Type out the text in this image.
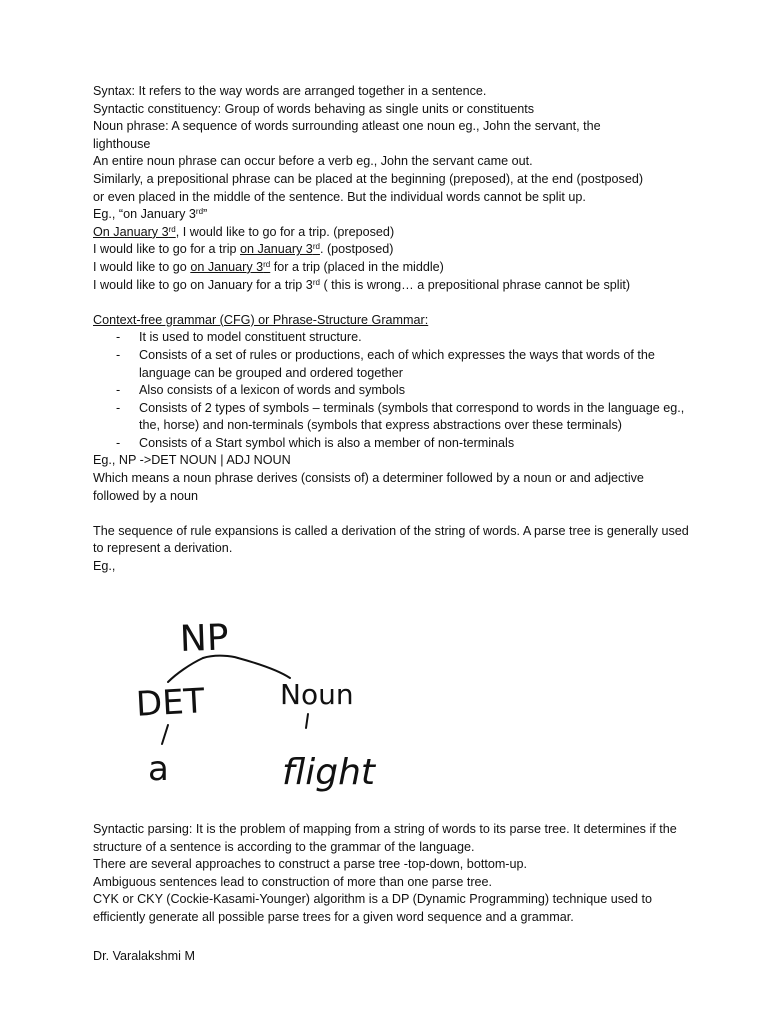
Syntax: It refers to the way words are arranged together in a sentence.
Syntactic constituency: Group of words behaving as single units or constituents
Noun phrase: A sequence of words surrounding atleast one noun eg., John the servant, the
lighthouse
An entire noun phrase can occur before a verb eg., John the servant came out.
Similarly, a prepositional phrase can be placed at the beginning (preposed), at the end (postposed)
or even placed in the middle of the sentence. But the individual words cannot be split up.
Eg., “on January 3rd”
On January 3rd, I would like to go for a trip. (preposed)
I would like to go for a trip on January 3rd. (postposed)
I would like to go on January 3rd for a trip (placed in the middle)
I would like to go on January for a trip 3rd ( this is wrong… a prepositional phrase cannot be split)
Context-free grammar (CFG) or Phrase-Structure Grammar:
- It is used to model constituent structure.
- Consists of a set of rules or productions, each of which expresses the ways that words of the language can be grouped and ordered together
- Also consists of a lexicon of words and symbols
- Consists of 2 types of symbols – terminals (symbols that correspond to words in the language eg., the, horse) and non-terminals (symbols that express abstractions over these terminals)
- Consists of a Start symbol which is also a member of non-terminals
Eg., NP ->DET NOUN | ADJ NOUN
Which means a noun phrase derives (consists of) a determiner followed by a noun or and adjective followed by a noun
The sequence of rule expansions is called a derivation of the string of words. A parse tree is generally used to represent a derivation.
Eg.,
NP
DET	Noun
a	flight
Syntactic parsing: It is the problem of mapping from a string of words to its parse tree. It determines if the structure of a sentence is according to the grammar of the language.
There are several approaches to construct a parse tree -top-down, bottom-up.
Ambiguous sentences lead to construction of more than one parse tree.
CYK or CKY (Cockie-Kasami-Younger) algorithm is a DP (Dynamic Programming) technique used to efficiently generate all possible parse trees for a given word sequence and a grammar.
Dr. Varalakshmi M
